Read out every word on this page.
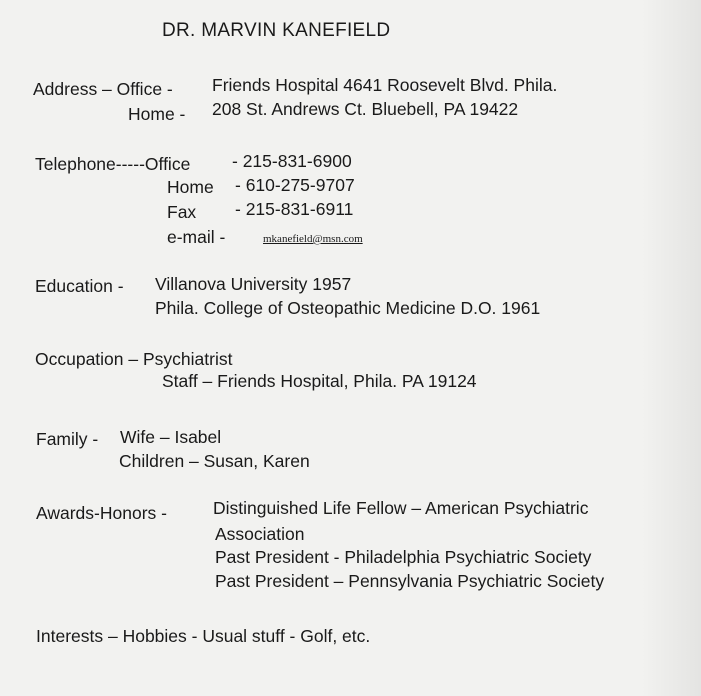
DR. MARVIN KANEFIELD
Address – Office - Friends Hospital 4641 Roosevelt Blvd. Phila.
Home - 208 St. Andrews Ct. Bluebell, PA 19422
Telephone-----Office - 215-831-6900
Home - 610-275-9707
Fax - 215-831-6911
e-mail -	mkanefield@msn.com
Education - Villanova University 1957
Phila. College of Osteopathic Medicine D.O. 1961
Occupation – Psychiatrist
Staff – Friends Hospital, Phila. PA 19124
Family - Wife – Isabel
Children – Susan, Karen
Awards-Honors -	Distinguished Life Fellow – American Psychiatric
Association
Past President - Philadelphia Psychiatric Society
Past President – Pennsylvania Psychiatric Society
Interests – Hobbies - Usual stuff - Golf, etc.
